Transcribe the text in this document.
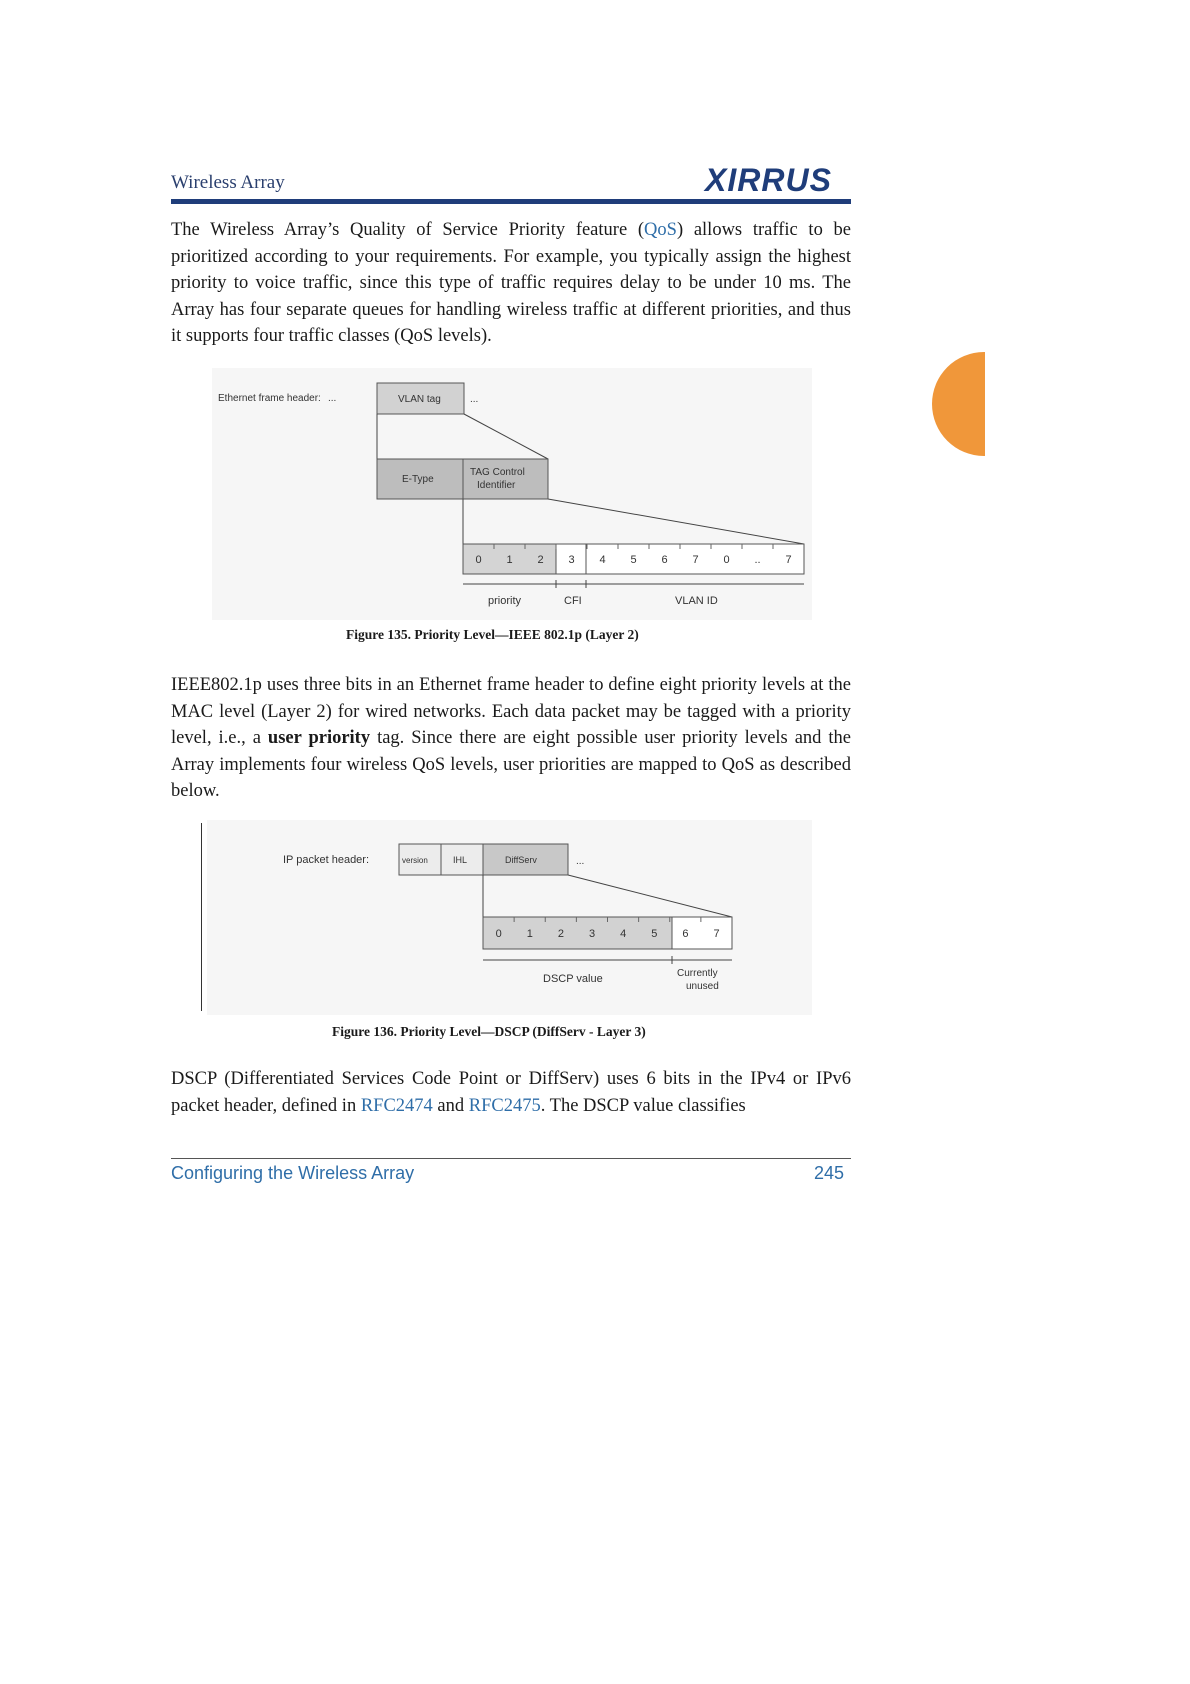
Wireless Array	XIRRUS
The Wireless Array’s Quality of Service Priority feature (QoS) allows traffic to be prioritized according to your requirements. For example, you typically assign the highest priority to voice traffic, since this type of traffic requires delay to be under 10 ms. The Array has four separate queues for handling wireless traffic at different priorities, and thus it supports four traffic classes (QoS levels).
Ethernet frame header: ...	VLAN tag	...
E-Type
TAG Control
Identifier
0 1 2 3 4 5 6 7 0 .. 7
priority	CFI	VLAN ID
Figure 135. Priority Level—IEEE 802.1p (Layer 2)
IEEE802.1p uses three bits in an Ethernet frame header to define eight priority levels at the MAC level (Layer 2) for wired networks. Each data packet may be tagged with a priority level, i.e., a user priority tag. Since there are eight possible user priority levels and the Array implements four wireless QoS levels, user priorities are mapped to QoS as described below.
IP packet header:	version	IHL	DiffServ	...
0 1 2 3 4 5 6 7
DSCP value	Currently
unused
Figure 136. Priority Level—DSCP (DiffServ - Layer 3)
DSCP (Differentiated Services Code Point or DiffServ) uses 6 bits in the IPv4 or IPv6 packet header, defined in RFC2474 and RFC2475. The DSCP value classifies
Configuring the Wireless Array	245
